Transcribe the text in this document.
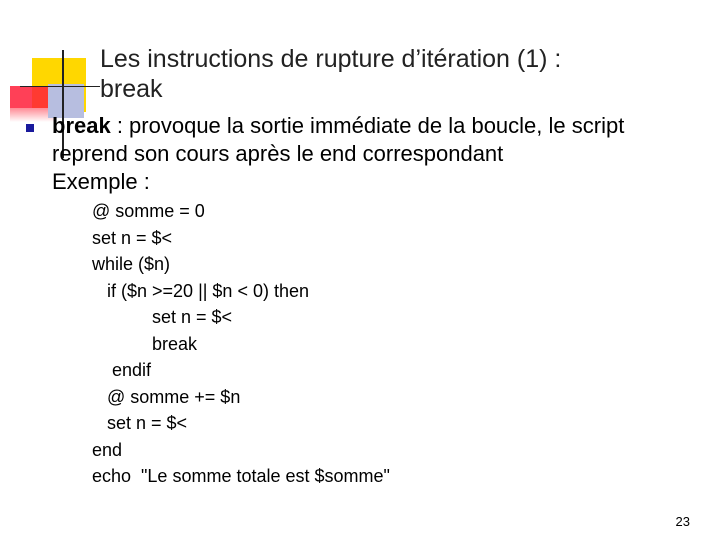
Les instructions de rupture d’itération (1) :
break
break : provoque la sortie immédiate de la boucle, le script
reprend son cours après le end correspondant
Exemple :
@ somme = 0
set n = $<
while ($n)
if ($n >=20 || $n < 0) then
set n = $<
break
endif
@ somme += $n
set n = $<
end
echo  "Le somme totale est $somme"
23
